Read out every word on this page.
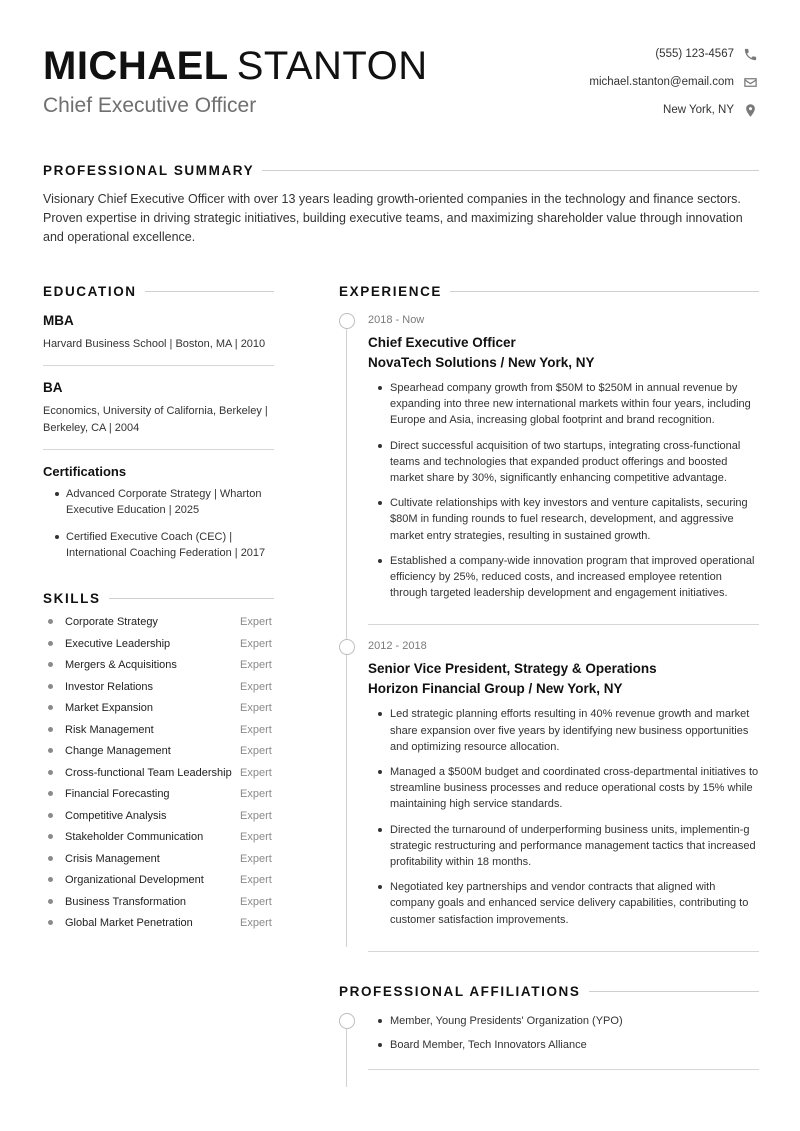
MICHAEL STANTON
Chief Executive Officer
(555) 123-4567
michael.stanton@email.com
New York, NY
PROFESSIONAL SUMMARY

Visionary Chief Executive Officer with over 13 years leading growth-oriented companies in the technology and finance sectors. Proven expertise in driving strategic initiatives, building executive teams, and maximizing shareholder value through innovation and operational excellence.

EDUCATION
MBA
Harvard Business School | Boston, MA | 2010
BA
Economics, University of California, Berkeley | Berkeley, CA | 2004
Certifications
Advanced Corporate Strategy | Wharton Executive Education | 2025
Certified Executive Coach (CEC) | International Coaching Federation | 2017
SKILLS
Corporate Strategy	Expert
Executive Leadership	Expert
Mergers & Acquisitions	Expert
Investor Relations	Expert
Market Expansion	Expert
Risk Management	Expert
Change Management	Expert
Cross-functional Team Leadership Expert
Financial Forecasting	Expert
Competitive Analysis	Expert
Stakeholder Communication	Expert
Crisis Management	Expert
Organizational Development	Expert
Business Transformation	Expert
Global Market Penetration	Expert
EXPERIENCE
2018 - Now
Chief Executive Officer
NovaTech Solutions / New York, NY
Spearhead company growth from $50M to $250M in annual revenue by expanding into three new international markets within four years, including Europe and Asia, increasing global footprint and brand recognition.
Direct successful acquisition of two startups, integrating cross-functional teams and technologies that expanded product offerings and boosted market share by 30%, significantly enhancing competitive advantage.
Cultivate relationships with key investors and venture capitalists, securing $80M in funding rounds to fuel research, development, and aggressive market entry strategies, resulting in sustained growth.
Established a company-wide innovation program that improved operational efficiency by 25%, reduced costs, and increased employee retention through targeted leadership development and engagement initiatives.
2012 - 2018
Senior Vice President, Strategy & Operations
Horizon Financial Group / New York, NY
Led strategic planning efforts resulting in 40% revenue growth and market share expansion over five years by identifying new business opportunities and optimizing resource allocation.
Managed a $500M budget and coordinated cross-departmental initiatives to streamline business processes and reduce operational costs by 15% while maintaining high service standards.
Directed the turnaround of underperforming business units, implementin-g strategic restructuring and performance management tactics that increased profitability within 18 months.
Negotiated key partnerships and vendor contracts that aligned with company goals and enhanced service delivery capabilities, contributing to customer satisfaction improvements.
PROFESSIONAL AFFILIATIONS
Member, Young Presidents' Organization (YPO)
Board Member, Tech Innovators Alliance
